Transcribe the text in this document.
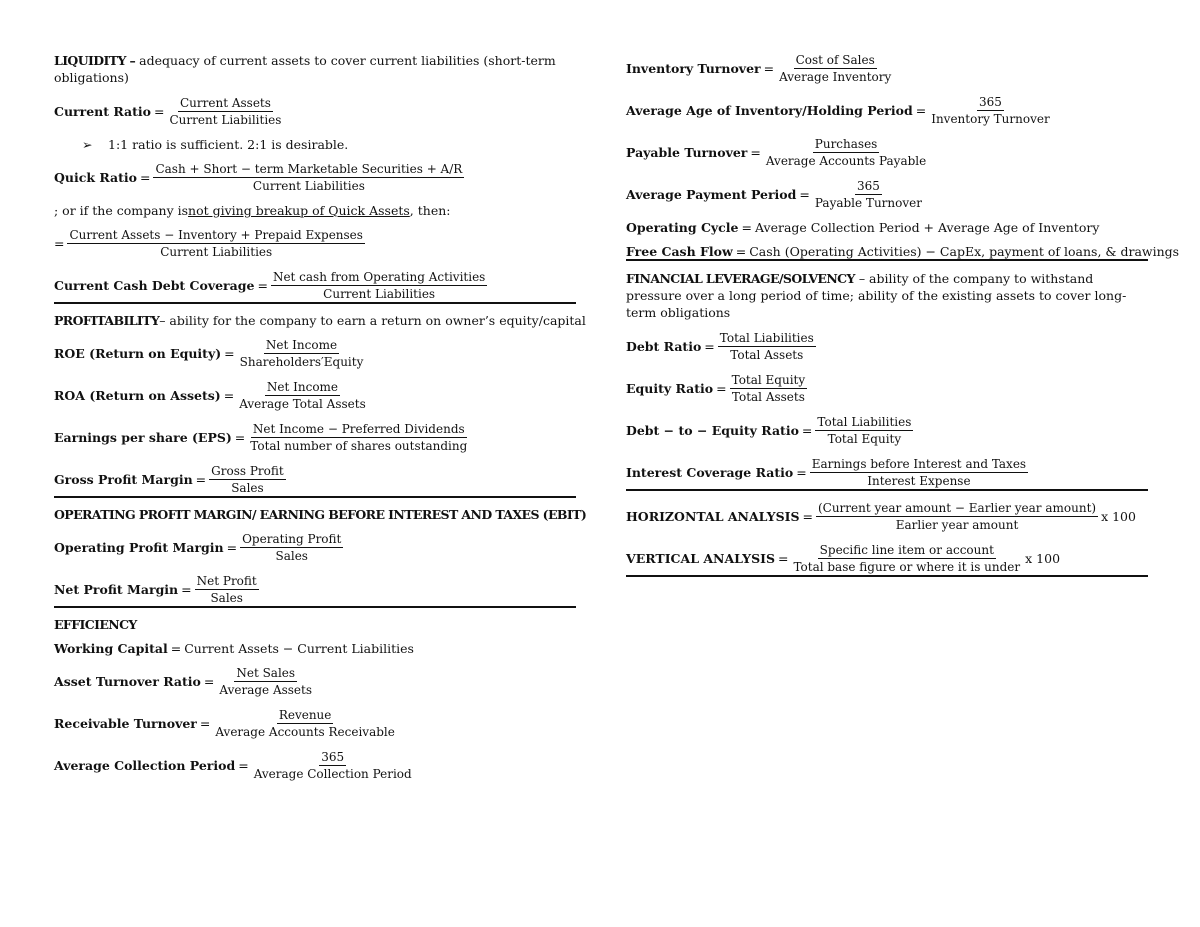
LIQUIDITY – adequacy of current assets to cover current liabilities (short-term obligations)
Current Ratio = $\frac{\text{Current Assets}}{\text{Current Liabilities}}$
➢	1:1 ratio is sufficient. 2:1 is desirable.
Quick Ratio = $\frac{\text{Cash + Short − term Marketable Securities + A/R}}{\text{Current Liabilities}}$
; or if the company is not giving breakup of Quick Assets , then:
= $\frac{\text{Current Assets − Inventory + Prepaid Expenses}}{\text{Current Liabilities}}$
Current Cash Debt Coverage = $\frac{\text{Net cash from Operating Activities}}{\text{Current Liabilities}}$
PROFITABILITY – ability for the company to earn a return on owner’s equity/capital
ROE (Return on Equity) = $\frac{\text{Net Income}}{\text{Shareholders′Equity}}$
ROA (Return on Assets) = $\frac{\text{Net Income}}{\text{Average Total Assets}}$
Earnings per share $(EPS) = \frac{\text{Net Income − Preferred Dividends}}{\text{Total number of shares outstanding}}$
Gross Profit Margin = $\frac{\text{Gross Profit}}{\text{Sales}}$
OPERATING PROFIT MARGIN/ EARNING BEFORE INTEREST AND TAXES (EBIT)
Operating Profit Margin = $\frac{\text{Operating Profit}}{\text{Sales}}$
Net Profit Margin = $\frac{\text{Net Profit}}{\text{Sales}}$
EFFICIENCY
Working Capital = Current Assets − Current Liabilities
Asset Turnover Ratio = $\frac{\text{Net Sales}}{\text{Average Assets}}$
Receivable Turnover = $\frac{\text{Revenue}}{\text{Average Accounts Receivable}}$
Average Collection Period = $\frac{365}{\text{Average Collection Period}}$
Inventory Turnover = $\frac{\text{Cost of Sales}}{\text{Average Inventory}}$
Average Age of Inventory/Holding Period = $\frac{365}{\text{Inventory Turnover}}$
Payable Turnover = $\frac{\text{Purchases}}{\text{Average Accounts Payable}}$
Average Payment Period = $\frac{365}{\text{Payable Turnover}}$
Operating Cycle = Average Collection Period + Average Age of Inventory
Free Cash Flow = Cash (Operating Activities) − CapEx, payment of loans, & drawings
FINANCIAL LEVERAGE/SOLVENCY – ability of the company to withstand pressure over a long period of time; ability of the existing assets to cover long-term obligations
Debt Ratio = $\frac{\text{Total Liabilities}}{\text{Total Assets}}$
Equity Ratio = $\frac{\text{Total Equity}}{\text{Total Assets}}$
Debt − to − Equity Ratio = $\frac{\text{Total Liabilities}}{\text{Total Equity}}$
Interest Coverage Ratio = $\frac{\text{Earnings before Interest and Taxes}}{\text{Interest Expense}}$
HORIZONTAL ANALYSIS = $\frac{\text{(Current year amount − Earlier year amount)}}{\text{Earlier year amount}}$ x 100
VERTICAL ANALYSIS = $\frac{\text{Specific line item or account}}{\text{Total base figure or where it is under}}$ x 100
